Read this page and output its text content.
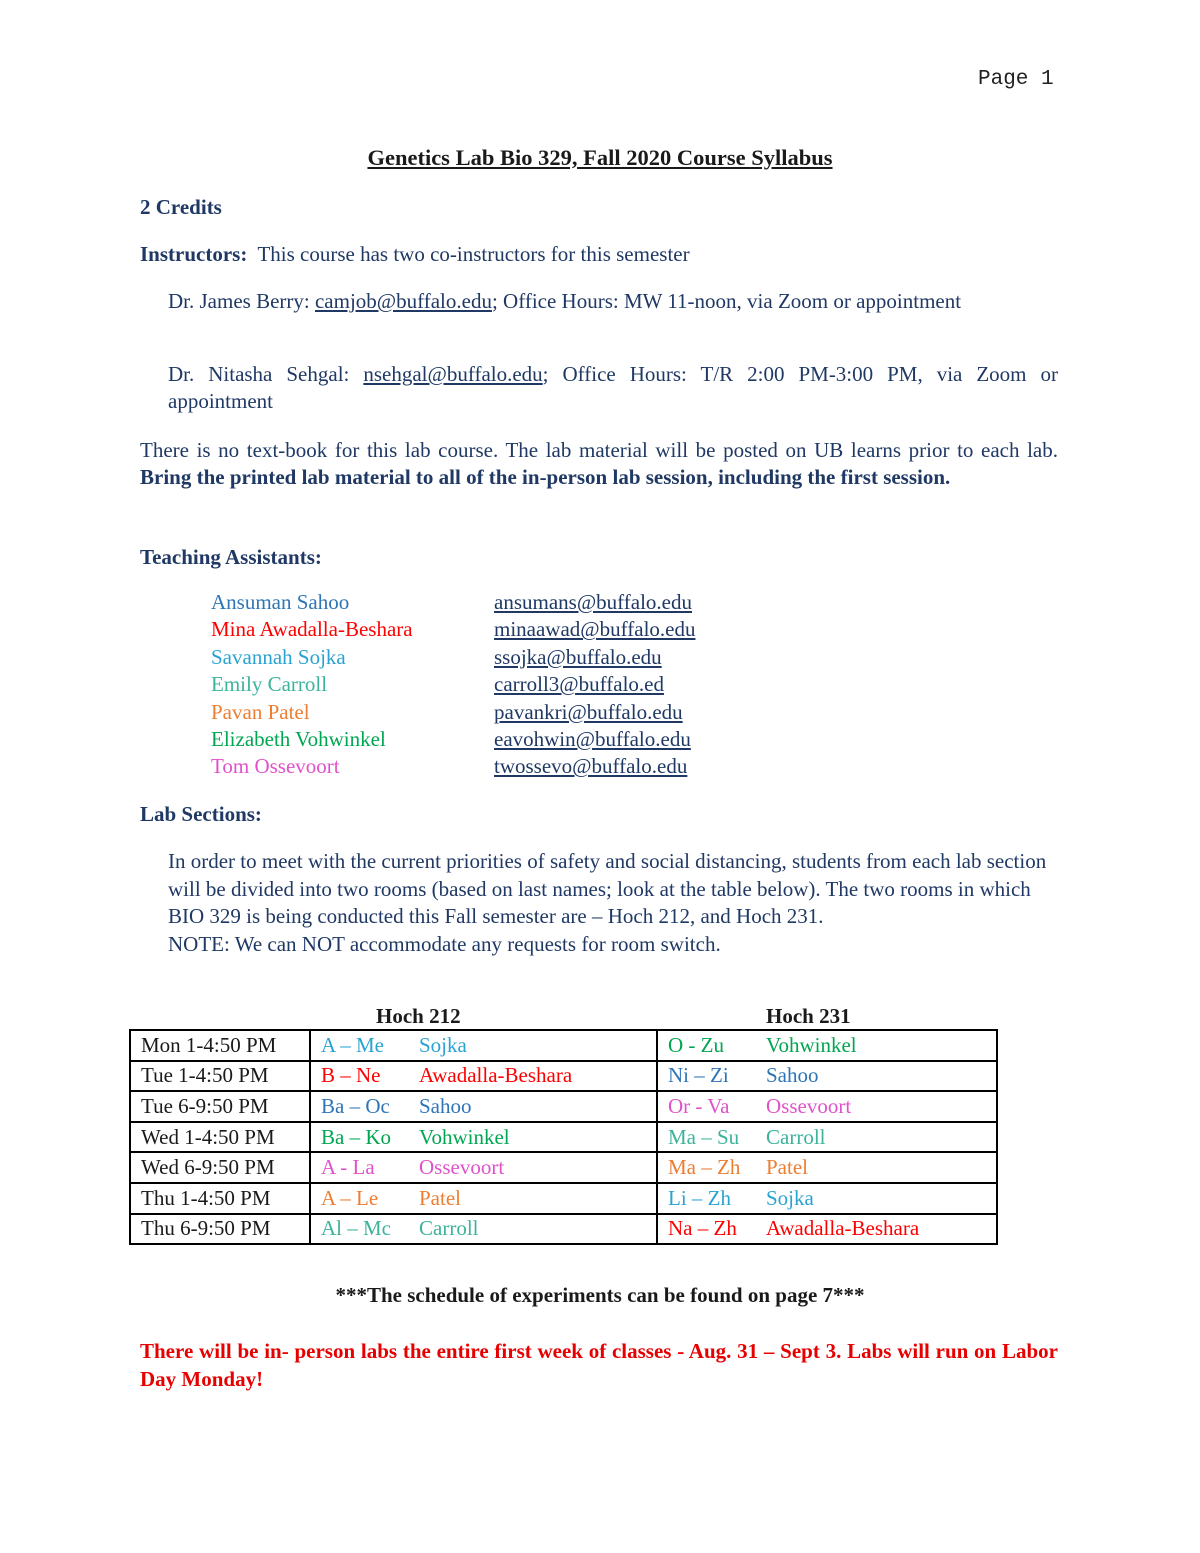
Page 1
Genetics Lab Bio 329, Fall 2020 Course Syllabus
2 Credits
Instructors: This course has two co-instructors for this semester
Dr. James Berry: camjob@buffalo.edu; Office Hours: MW 11-noon, via Zoom or appointment
Dr. Nitasha Sehgal: nsehgal@buffalo.edu; Office Hours: T/R 2:00 PM-3:00 PM, via Zoom or appointment
There is no text-book for this lab course. The lab material will be posted on UB learns prior to each lab. Bring the printed lab material to all of the in-person lab session, including the first session.
Teaching Assistants:
Ansuman Sahoo	ansumans@buffalo.edu
Mina Awadalla-Beshara	minaawad@buffalo.edu
Savannah Sojka	ssojka@buffalo.edu
Emily Carroll	carroll3@buffalo.ed
Pavan Patel	pavankri@buffalo.edu
Elizabeth Vohwinkel	eavohwin@buffalo.edu
Tom Ossevoort	twossevo@buffalo.edu
Lab Sections:
In order to meet with the current priorities of safety and social distancing, students from each lab section will be divided into two rooms (based on last names; look at the table below). The two rooms in which BIO 329 is being conducted this Fall semester are – Hoch 212, and Hoch 231.
NOTE: We can NOT accommodate any requests for room switch.
Hoch 212	Hoch 231
Mon 1-4:50 PM	A – Me Sojka	O - Zu Vohwinkel
Tue 1-4:50 PM	B – Ne Awadalla-Beshara	Ni – Zi Sahoo
Tue 6-9:50 PM	Ba – Oc Sahoo	Or - Va Ossevoort
Wed 1-4:50 PM	Ba – Ko Vohwinkel	Ma – Su Carroll
Wed 6-9:50 PM	A - La Ossevoort	Ma – Zh Patel
Thu 1-4:50 PM	A – Le Patel	Li – Zh Sojka
Thu 6-9:50 PM	Al – Mc Carroll	Na – Zh Awadalla-Beshara
***The schedule of experiments can be found on page 7***
There will be in- person labs the entire first week of classes - Aug. 31 – Sept 3. Labs will run on Labor Day Monday!
